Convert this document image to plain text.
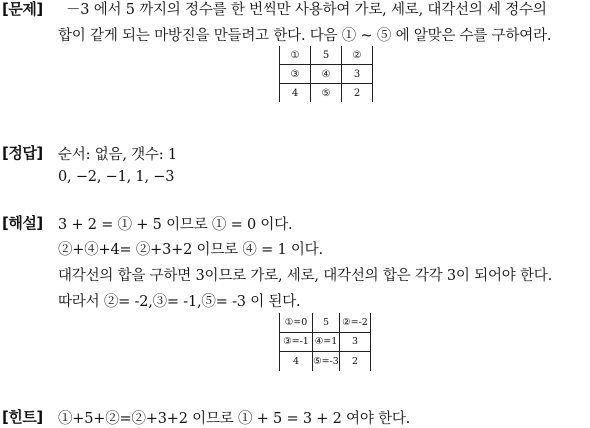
[문제] －3 에서 5 까지의 정수를 한 번씩만 사용하여 가로, 세로, 대각선의 세 정수의
합이 같게 되는 마방진을 만들려고 한다. 다음 ① ~ ⑤ 에 알맞은 수를 구하여라.
①	5	②
③	④	3
4	⑤	2
[정답] 순서: 없음, 갯수: 1
0, −2, −1, 1, −3
[해설] 3 + 2 = ① + 5 이므로 ① = 0 이다.
②+④+4= ②+3+2 이므로 ④ = 1 이다.
대각선의 합을 구하면 3이므로 가로, 세로, 대각선의 합은 각각 3이 되어야 한다.
따라서 ②= -2,③= -1,⑤= -3 이 된다.
①=0	5	②=-2
③=-1	④=1	3
4	⑤=-3	2
[힌트] ①+5+②=②+3+2 이므로 ① + 5 = 3 + 2 여야 한다.
